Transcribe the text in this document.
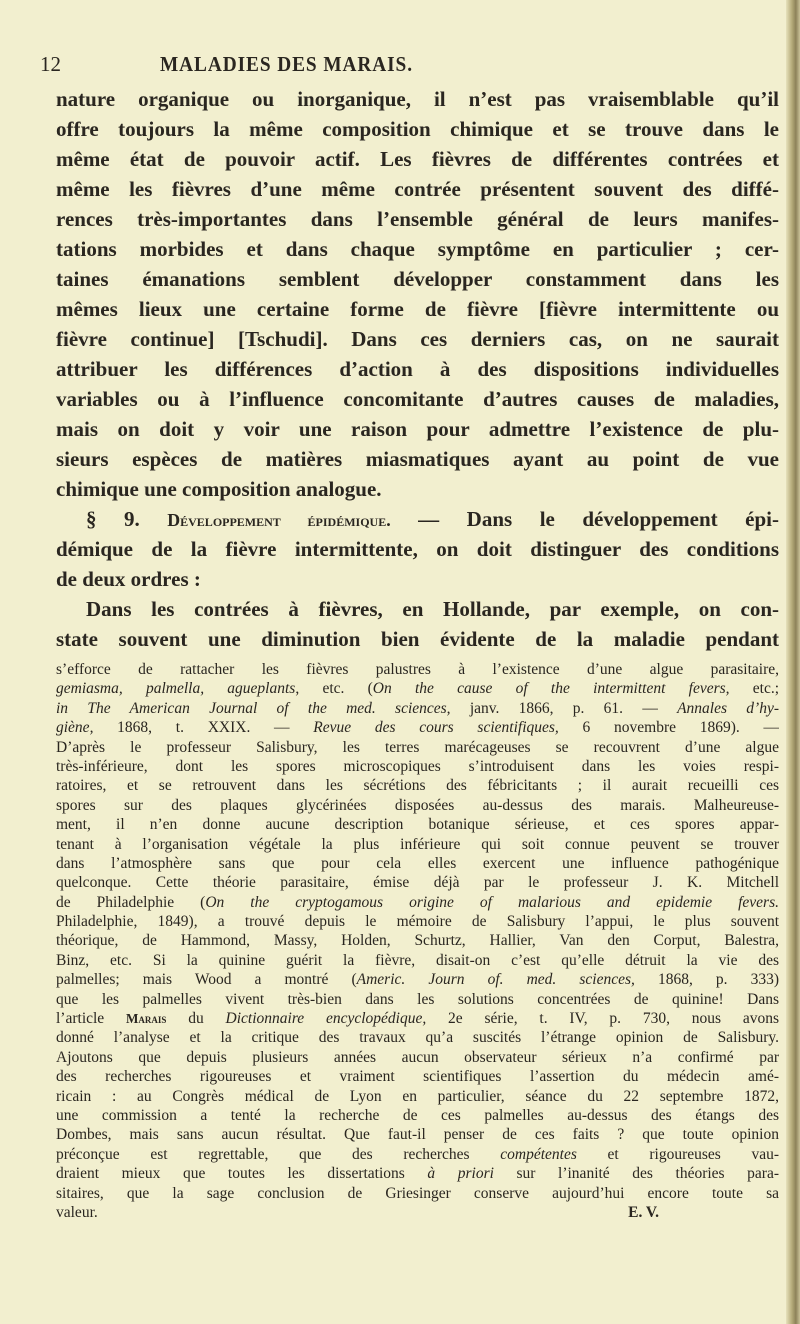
12	MALADIES DES MARAIS.
nature organique ou inorganique, il n’est pas vraisemblable qu’il
offre toujours la même composition chimique et se trouve dans le
même état de pouvoir actif. Les fièvres de différentes contrées et
même les fièvres d’une même contrée présentent souvent des diffé-
rences très-importantes dans l’ensemble général de leurs manifes-
tations morbides et dans chaque symptôme en particulier ; cer-
taines émanations semblent développer constamment dans les
mêmes lieux une certaine forme de fièvre [fièvre intermittente ou
fièvre continue] [Tschudi]. Dans ces derniers cas, on ne saurait
attribuer les différences d’action à des dispositions individuelles
variables ou à l’influence concomitante d’autres causes de maladies,
mais on doit y voir une raison pour admettre l’existence de plu-
sieurs espèces de matières miasmatiques ayant au point de vue
chimique une composition analogue.
§ 9. Développement épidémique. — Dans le développement épi-
démique de la fièvre intermittente, on doit distinguer des conditions
de deux ordres :
Dans les contrées à fièvres, en Hollande, par exemple, on con-
state souvent une diminution bien évidente de la maladie pendant
s’efforce de rattacher les fièvres palustres à l’existence d’une algue parasitaire,
gemiasma, palmella, agueplants, etc. (On the cause of the intermittent fevers, etc.;
in The American Journal of the med. sciences, janv. 1866, p. 61. — Annales d’hy-
giène, 1868, t. XXIX. — Revue des cours scientifiques, 6 novembre 1869). —
D’après le professeur Salisbury, les terres marécageuses se recouvrent d’une algue
très-inférieure, dont les spores microscopiques s’introduisent dans les voies respi-
ratoires, et se retrouvent dans les sécrétions des fébricitants ; il aurait recueilli ces
spores sur des plaques glycérinées disposées au-dessus des marais. Malheureuse-
ment, il n’en donne aucune description botanique sérieuse, et ces spores appar-
tenant à l’organisation végétale la plus inférieure qui soit connue peuvent se trouver
dans l’atmosphère sans que pour cela elles exercent une influence pathogénique
quelconque. Cette théorie parasitaire, émise déjà par le professeur J. K. Mitchell
de Philadelphie (On the cryptogamous origine of malarious and epidemie fevers.
Philadelphie, 1849), a trouvé depuis le mémoire de Salisbury l’appui, le plus souvent
théorique, de Hammond, Massy, Holden, Schurtz, Hallier, Van den Corput, Balestra,
Binz, etc. Si la quinine guérit la fièvre, disait-on c’est qu’elle détruit la vie des
palmelles; mais Wood a montré (Americ. Journ of. med. sciences, 1868, p. 333)
que les palmelles vivent très-bien dans les solutions concentrées de quinine! Dans
l’article Marais du Dictionnaire encyclopédique, 2e série, t. IV, p. 730, nous avons
donné l’analyse et la critique des travaux qu’a suscités l’étrange opinion de Salisbury.
Ajoutons que depuis plusieurs années aucun observateur sérieux n’a confirmé par
des recherches rigoureuses et vraiment scientifiques l’assertion du médecin amé-
ricain : au Congrès médical de Lyon en particulier, séance du 22 septembre 1872,
une commission a tenté la recherche de ces palmelles au-dessus des étangs des
Dombes, mais sans aucun résultat. Que faut-il penser de ces faits ? que toute opinion
préconçue est regrettable, que des recherches compétentes et rigoureuses vau-
draient mieux que toutes les dissertations à priori sur l’inanité des théories para-
sitaires, que la sage conclusion de Griesinger conserve aujourd’hui encore toute sa
valeur.	E. V.
